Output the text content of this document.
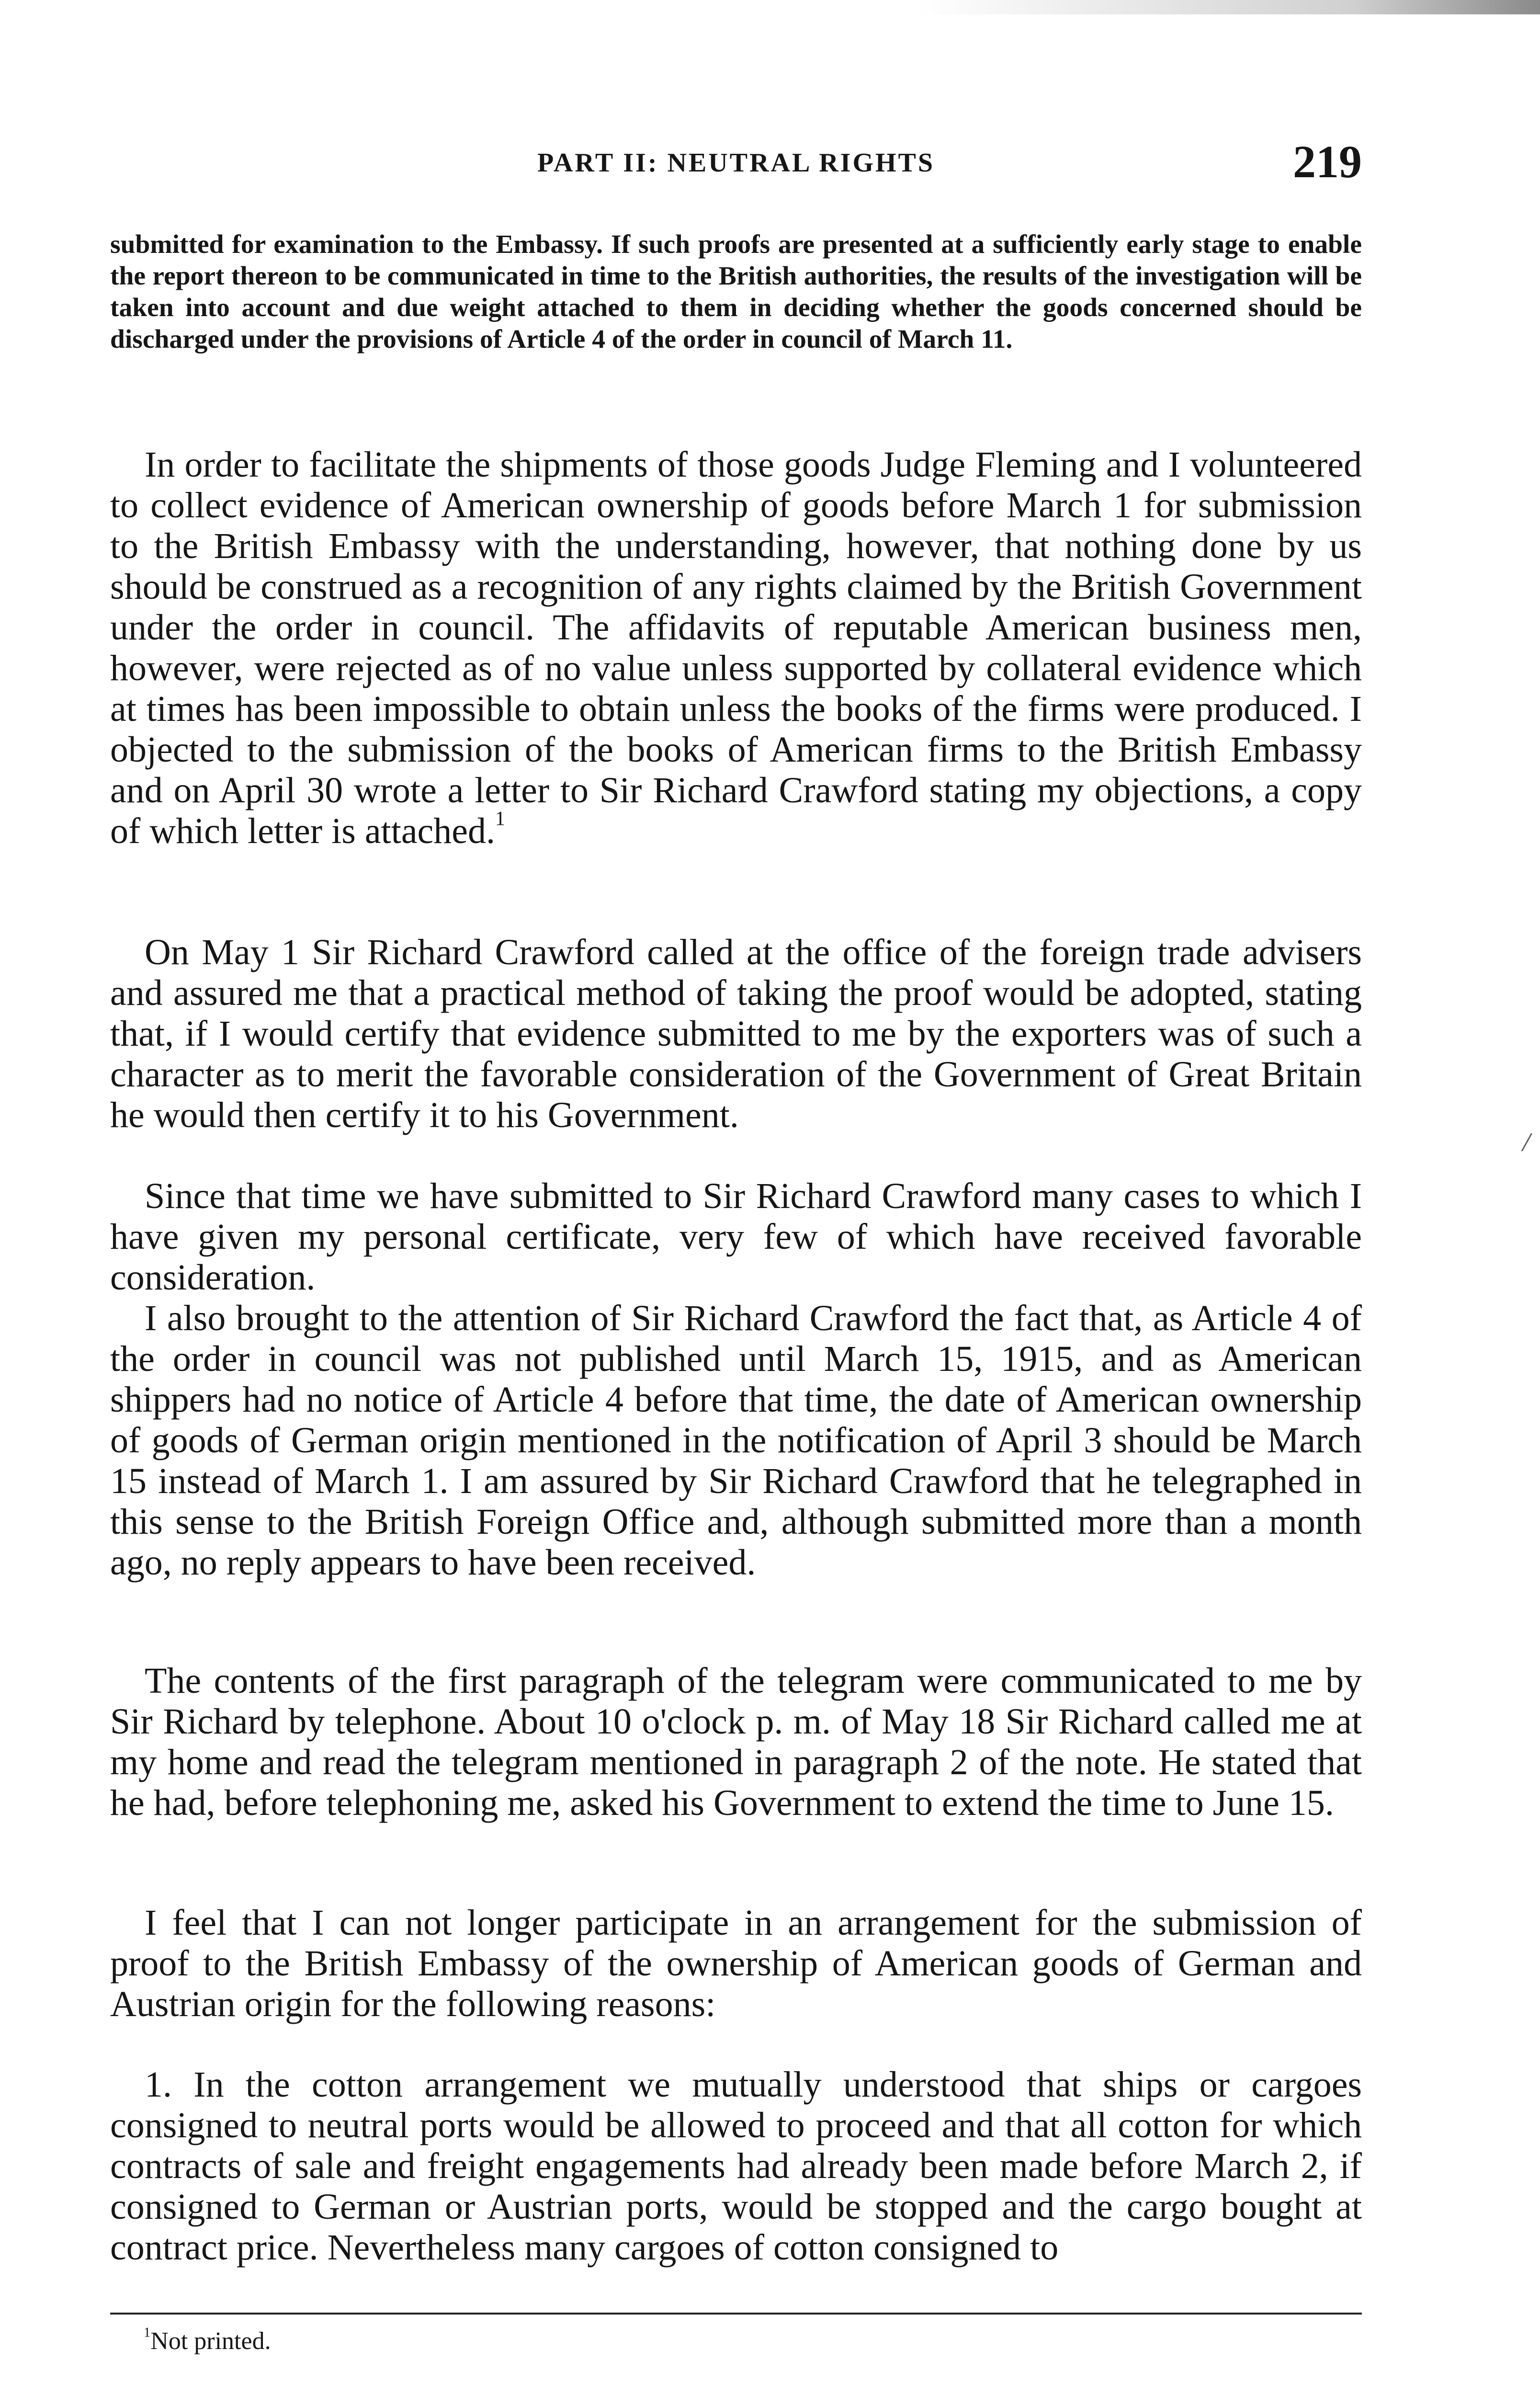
PART II: NEUTRAL RIGHTS	219

submitted for examination to the Embassy. If such proofs are presented at a sufficiently early stage to enable the report thereon to be communicated in time to the British authorities, the results of the investigation will be taken into account and due weight attached to them in deciding whether the goods concerned should be discharged under the provisions of Article 4 of the order in council of March 11.

In order to facilitate the shipments of those goods Judge Fleming and I volunteered to collect evidence of American ownership of goods before March 1 for submission to the British Embassy with the understanding, however, that nothing done by us should be construed as a recognition of any rights claimed by the British Government under the order in council. The affidavits of reputable American business men, however, were rejected as of no value unless supported by collateral evidence which at times has been impossible to obtain unless the books of the firms were produced. I objected to the submission of the books of American firms to the British Embassy and on April 30 wrote a letter to Sir Richard Crawford stating my objections, a copy of which letter is attached.$^1$

On May 1 Sir Richard Crawford called at the office of the foreign trade advisers and assured me that a practical method of taking the proof would be adopted, stating that, if I would certify that evidence submitted to me by the exporters was of such a character as to merit the favorable consideration of the Government of Great Britain he would then certify it to his Government.

Since that time we have submitted to Sir Richard Crawford many cases to which I have given my personal certificate, very few of which have received favorable consideration.

I also brought to the attention of Sir Richard Crawford the fact that, as Article 4 of the order in council was not published until March 15, 1915, and as American shippers had no notice of Article 4 before that time, the date of American ownership of goods of German origin mentioned in the notification of April 3 should be March 15 instead of March 1. I am assured by Sir Richard Crawford that he telegraphed in this sense to the British Foreign Office and, although submitted more than a month ago, no reply appears to have been received.

The contents of the first paragraph of the telegram were communicated to me by Sir Richard by telephone. About 10 o'clock p. m. of May 18 Sir Richard called me at my home and read the telegram mentioned in paragraph 2 of the note. He stated that he had, before telephoning me, asked his Government to extend the time to June 15.

I feel that I can not longer participate in an arrangement for the submission of proof to the British Embassy of the ownership of American goods of German and Austrian origin for the following reasons:

1. In the cotton arrangement we mutually understood that ships or cargoes consigned to neutral ports would be allowed to proceed and that all cotton for which contracts of sale and freight engagements had already been made before March 2, if consigned to German or Austrian ports, would be stopped and the cargo bought at contract price. Nevertheless many cargoes of cotton consigned to

$^1$Not printed.
/
